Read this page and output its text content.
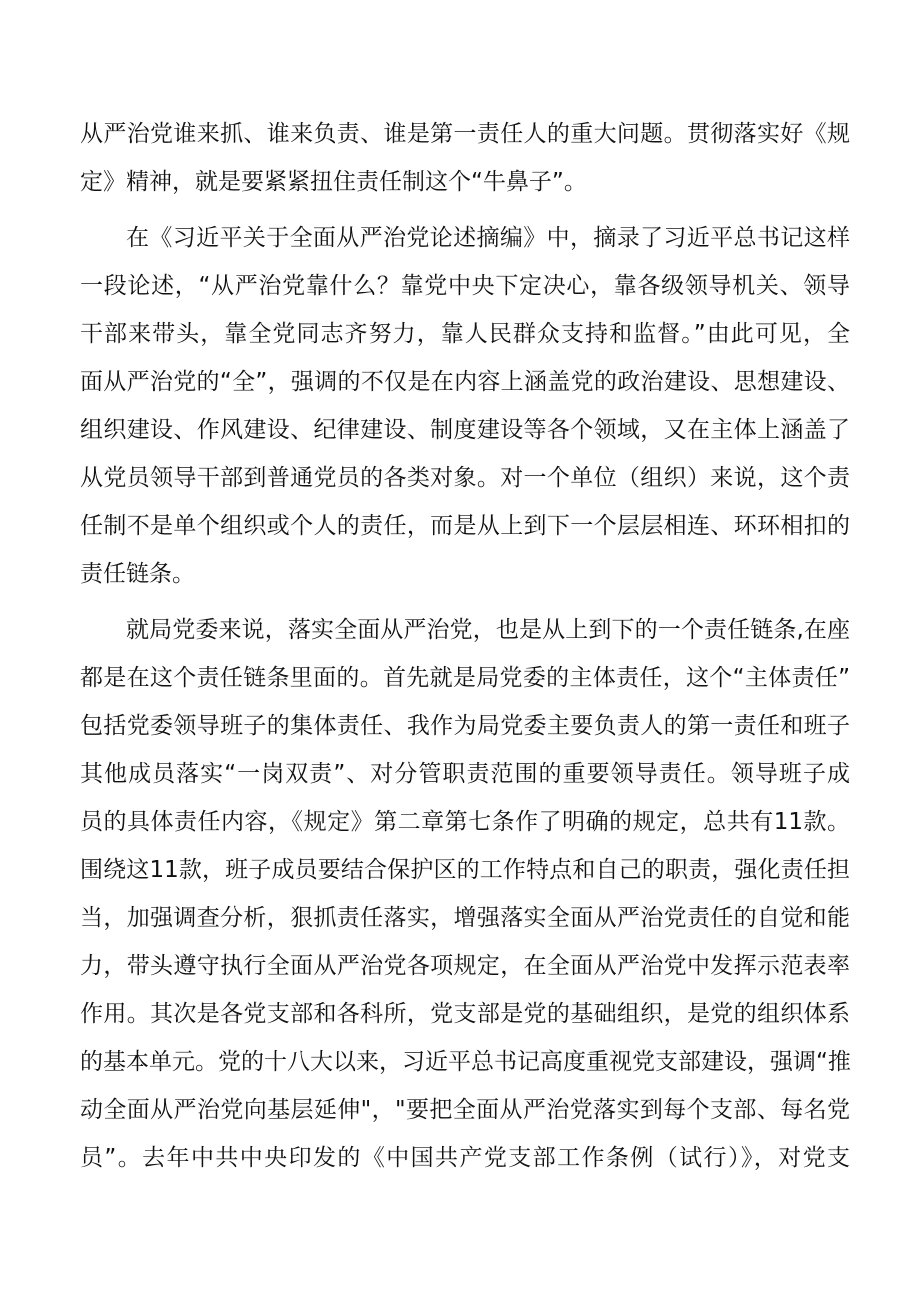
从严治党谁来抓、谁来负责、谁是第一责任人的重大问题。贯彻落实好《规
定》精神，就是要紧紧扭住责任制这个“牛鼻子”。
在《习近平关于全面从严治党论述摘编》中，摘录了习近平总书记这样
一段论述，“从严治党靠什么？靠党中央下定决心，靠各级领导机关、领导
干部来带头，靠全党同志齐努力，靠人民群众支持和监督。”由此可见，全
面从严治党的“全”，强调的不仅是在内容上涵盖党的政治建设、思想建设、
组织建设、作风建设、纪律建设、制度建设等各个领域，又在主体上涵盖了
从党员领导干部到普通党员的各类对象。对一个单位（组织）来说，这个责
任制不是单个组织或个人的责任，而是从上到下一个层层相连、环环相扣的
责任链条。
就局党委来说，落实全面从严治党，也是从上到下的一个责任链条,在座
都是在这个责任链条里面的。首先就是局党委的主体责任，这个“主体责任”
包括党委领导班子的集体责任、我作为局党委主要负责人的第一责任和班子
其他成员落实“一岗双责”、对分管职责范围的重要领导责任。领导班子成
员的具体责任内容，《规定》第二章第七条作了明确的规定，总共有11款。
围绕这11款，班子成员要结合保护区的工作特点和自己的职责，强化责任担
当，加强调查分析，狠抓责任落实，增强落实全面从严治党责任的自觉和能
力，带头遵守执行全面从严治党各项规定，在全面从严治党中发挥示范表率
作用。其次是各党支部和各科所，党支部是党的基础组织，是党的组织体系
的基本单元。党的十八大以来，习近平总书记高度重视党支部建设，强调“推
动全面从严治党向基层延伸"，"要把全面从严治党落实到每个支部、每名党
员”。去年中共中央印发的《中国共产党支部工作条例（试行）》，对党支
